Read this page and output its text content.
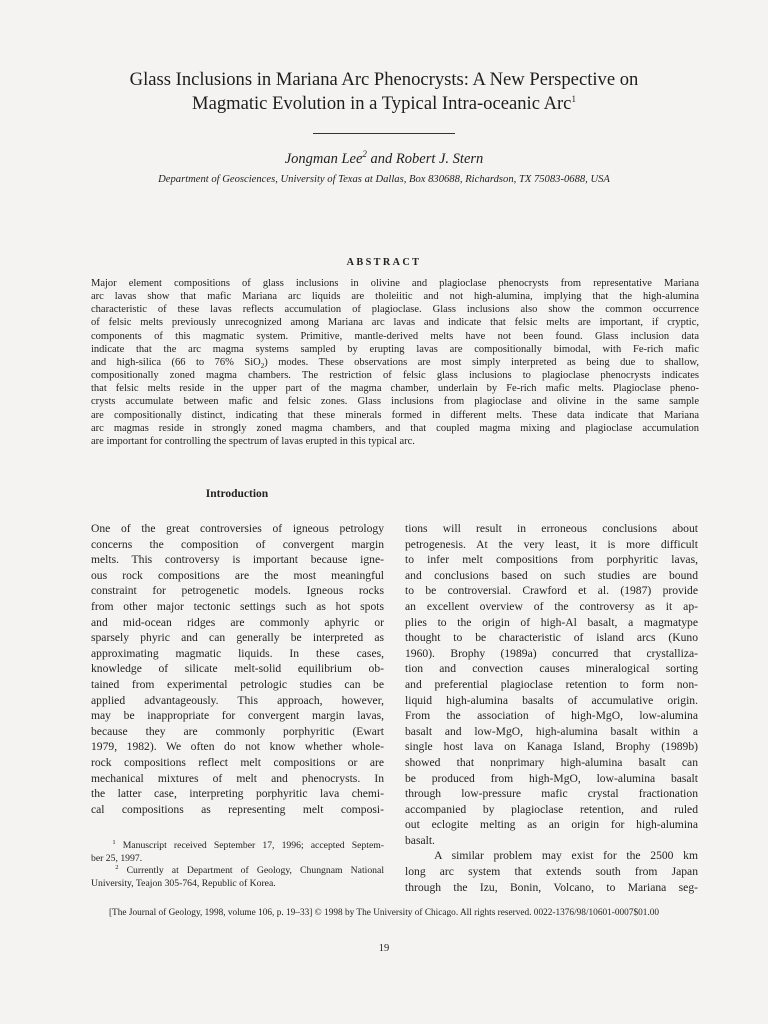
Glass Inclusions in Mariana Arc Phenocrysts: A New Perspective on
Magmatic Evolution in a Typical Intra-oceanic Arc$^1$
Jongman Lee$^2$ and Robert J. Stern
Department of Geosciences, University of Texas at Dallas, Box 830688, Richardson, TX 75083-0688, USA
ABSTRACT
Major element compositions of glass inclusions in olivine and plagioclase phenocrysts from representative Mariana
arc lavas show that mafic Mariana arc liquids are tholeiitic and not high-alumina, implying that the high-alumina
characteristic of these lavas reflects accumulation of plagioclase. Glass inclusions also show the common occurrence
of felsic melts previously unrecognized among Mariana arc lavas and indicate that felsic melts are important, if cryptic,
components of this magmatic system. Primitive, mantle-derived melts have not been found. Glass inclusion data
indicate that the arc magma systems sampled by erupting lavas are compositionally bimodal, with Fe-rich mafic
and high-silica (66 to 76% SiO$_2$) modes. These observations are most simply interpreted as being due to shallow,
compositionally zoned magma chambers. The restriction of felsic glass inclusions to plagioclase phenocrysts indicates
that felsic melts reside in the upper part of the magma chamber, underlain by Fe-rich mafic melts. Plagioclase pheno-
crysts accumulate between mafic and felsic zones. Glass inclusions from plagioclase and olivine in the same sample
are compositionally distinct, indicating that these minerals formed in different melts. These data indicate that Mariana
arc magmas reside in strongly zoned magma chambers, and that coupled magma mixing and plagioclase accumulation
are important for controlling the spectrum of lavas erupted in this typical arc.
Introduction
One of the great controversies of igneous petrology
concerns the composition of convergent margin
melts. This controversy is important because igne-
ous rock compositions are the most meaningful
constraint for petrogenetic models. Igneous rocks
from other major tectonic settings such as hot spots
and mid-ocean ridges are commonly aphyric or
sparsely phyric and can generally be interpreted as
approximating magmatic liquids. In these cases,
knowledge of silicate melt-solid equilibrium ob-
tained from experimental petrologic studies can be
applied advantageously. This approach, however,
may be inappropriate for convergent margin lavas,
because they are commonly porphyritic (Ewart
1979, 1982). We often do not know whether whole-
rock compositions reflect melt compositions or are
mechanical mixtures of melt and phenocrysts. In
the latter case, interpreting porphyritic lava chemi-
cal compositions as representing melt composi-
$^1$ Manuscript received September 17, 1996; accepted Septem-
ber 25, 1997.
$^2$ Currently at Department of Geology, Chungnam National
University, Teajon 305-764, Republic of Korea.
tions will result in erroneous conclusions about
petrogenesis. At the very least, it is more difficult
to infer melt compositions from porphyritic lavas,
and conclusions based on such studies are bound
to be controversial. Crawford et al. (1987) provide
an excellent overview of the controversy as it ap-
plies to the origin of high-Al basalt, a magmatype
thought to be characteristic of island arcs (Kuno
1960). Brophy (1989a) concurred that crystalliza-
tion and convection causes mineralogical sorting
and preferential plagioclase retention to form non-
liquid high-alumina basalts of accumulative origin.
From the association of high-MgO, low-alumina
basalt and low-MgO, high-alumina basalt within a
single host lava on Kanaga Island, Brophy (1989b)
showed that nonprimary high-alumina basalt can
be produced from high-MgO, low-alumina basalt
through low-pressure mafic crystal fractionation
accompanied by plagioclase retention, and ruled
out eclogite melting as an origin for high-alumina
basalt.
A similar problem may exist for the 2500 km
long arc system that extends south from Japan
through the Izu, Bonin, Volcano, to Mariana seg-
[The Journal of Geology, 1998, volume 106, p. 19–33] © 1998 by The University of Chicago. All rights reserved. 0022-1376/98/10601-0007$01.00
19
